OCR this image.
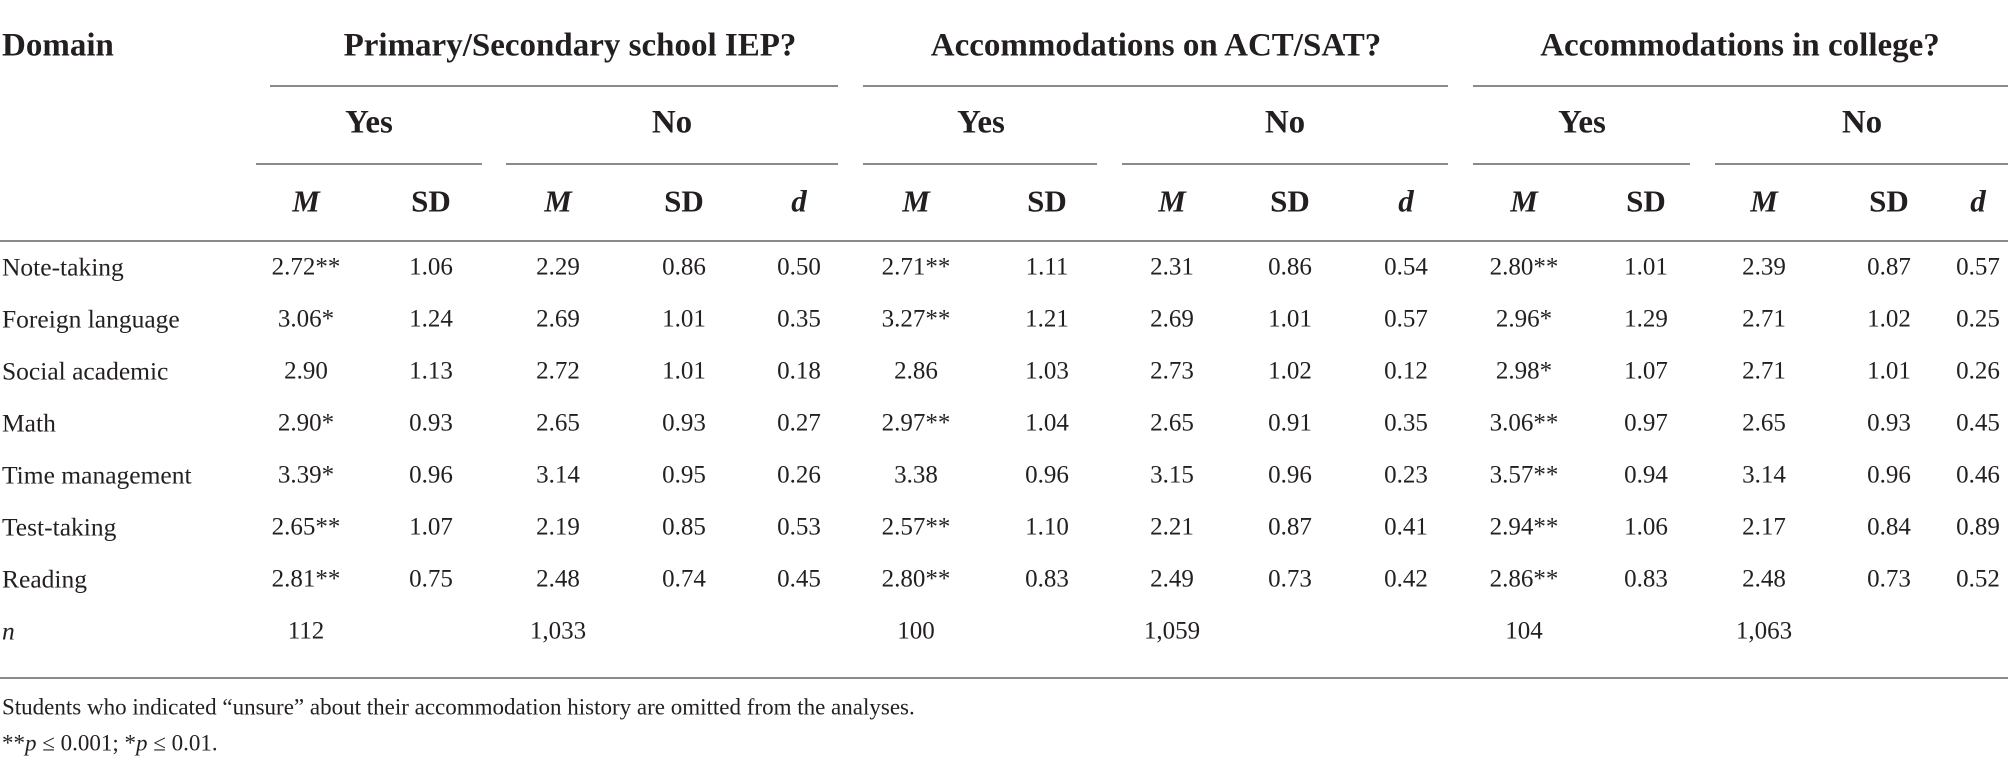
Domain	Primary/Secondary school IEP?	Accommodations on ACT/SAT?	Accommodations in college?
Yes	No	Yes	No	Yes	No
M	SD	M	SD	d	M	SD	M	SD	d	M	SD	M	SD d
Note-taking	2.72**	1.06	2.29	0.86	0.50 2.71**	1.11	2.31	0.86	0.54 2.80**	1.01	2.39	0.87 0.57
Foreign language	3.06*	1.24	2.69	1.01	0.35 3.27**	1.21	2.69	1.01	0.57	2.96*	1.29	2.71	1.02 0.25
Social academic	2.90	1.13	2.72	1.01	0.18	2.86	1.03	2.73	1.02	0.12	2.98*	1.07	2.71	1.01 0.26
Math	2.90*	0.93	2.65	0.93	0.27 2.97**	1.04	2.65	0.91	0.35 3.06**	0.97	2.65	0.93 0.45
Time management	3.39*	0.96	3.14	0.95	0.26	3.38	0.96	3.15	0.96	0.23 3.57**	0.94	3.14	0.96 0.46
Test-taking	2.65**	1.07	2.19	0.85	0.53 2.57**	1.10	2.21	0.87	0.41 2.94**	1.06	2.17	0.84 0.89
Reading	2.81**	0.75	2.48	0.74	0.45 2.80**	0.83	2.49	0.73	0.42 2.86**	0.83	2.48	0.73 0.52
n	112	1,033	100	1,059	104	1,063
Students who indicated “unsure” about their accommodation history are omitted from the analyses.
**p ≤ 0.001; *p ≤ 0.01.
